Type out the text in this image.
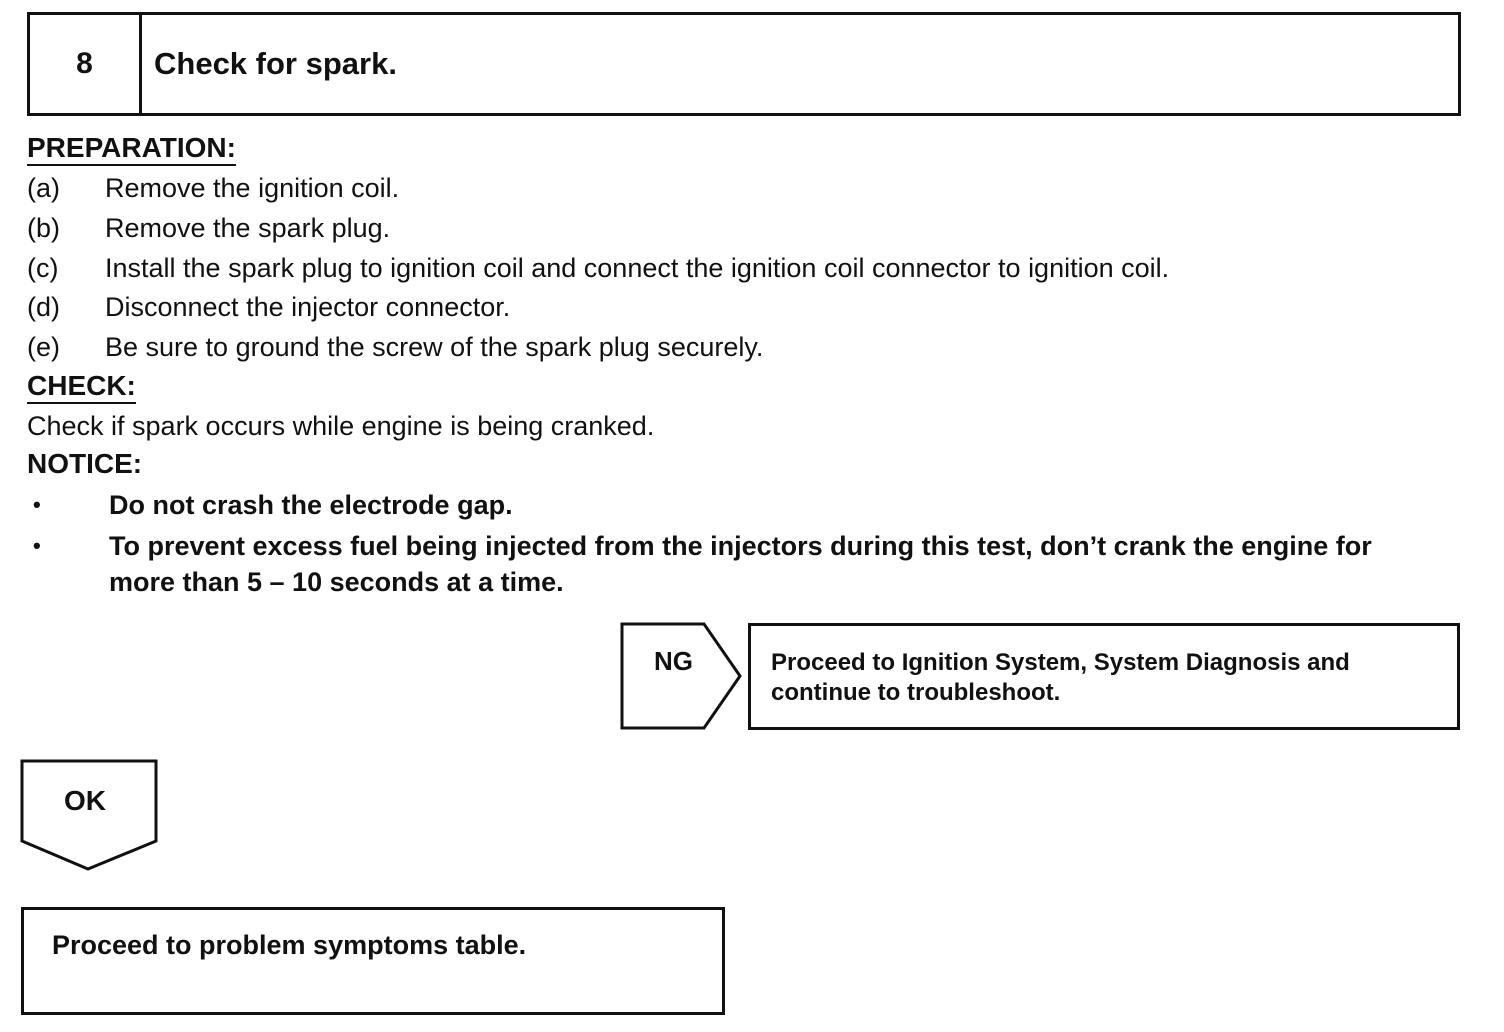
8	Check for spark.
PREPARATION:
(a) Remove the ignition coil.
(b) Remove the spark plug.
(c) Install the spark plug to ignition coil and connect the ignition coil connector to ignition coil.
(d) Disconnect the injector connector.
(e) Be sure to ground the screw of the spark plug securely.
CHECK:
Check if spark occurs while engine is being cranked.
NOTICE:
•	Do not crash the electrode gap.
•	To prevent excess fuel being injected from the injectors during this test, don’t crank the engine for more than 5 – 10 seconds at a time.
NG	Proceed to Ignition System, System Diagnosis and continue to troubleshoot.
OK
Proceed to problem symptoms table.
